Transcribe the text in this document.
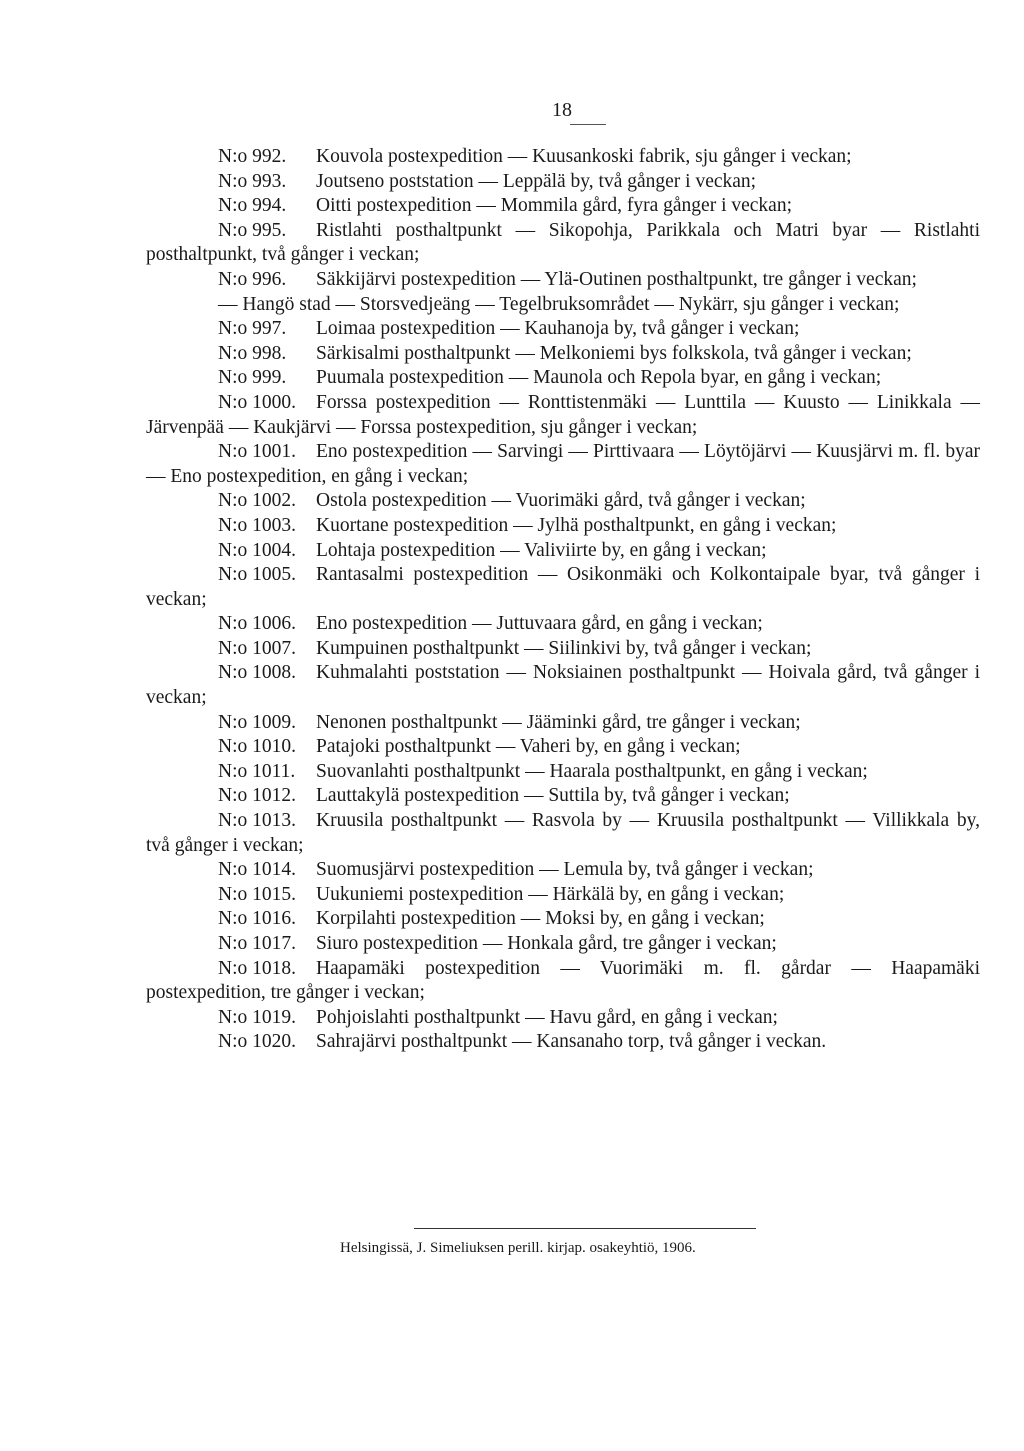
18

N:o 992. Kouvola postexpedition — Kuusankoski fabrik, sju gånger i veckan;

N:o 993. Joutseno poststation — Leppälä by, två gånger i veckan;

N:o 994. Oitti postexpedition — Mommila gård, fyra gånger i veckan;

N:o 995. Ristlahti posthaltpunkt — Sikopohja, Parikkala och Matri byar — Ristlahti posthaltpunkt, två gånger i veckan;

N:o 996. Säkkijärvi postexpedition — Ylä-Outinen posthaltpunkt, tre gånger i veckan;

— Hangö stad — Storsvedjeäng — Tegelbruksområdet — Nykärr, sju gånger i veckan;

N:o 997. Loimaa postexpedition — Kauhanoja by, två gånger i veckan;

N:o 998. Särkisalmi posthaltpunkt — Melkoniemi bys folkskola, två gånger i veckan;

N:o 999. Puumala postexpedition — Maunola och Repola byar, en gång i veckan;

N:o 1000. Forssa postexpedition — Ronttistenmäki — Lunttila — Kuusto — Linikkala — Järvenpää — Kaukjärvi — Forssa postexpedition, sju gånger i veckan;

N:o 1001. Eno postexpedition — Sarvingi — Pirttivaara — Löytöjärvi — Kuusjärvi m. fl. byar — Eno postexpedition, en gång i veckan;

N:o 1002. Ostola postexpedition — Vuorimäki gård, två gånger i veckan;

N:o 1003. Kuortane postexpedition — Jylhä posthaltpunkt, en gång i veckan;

N:o 1004. Lohtaja postexpedition — Valiviirte by, en gång i veckan;

N:o 1005. Rantasalmi postexpedition — Osikonmäki och Kolkontaipale byar, två gånger i veckan;

N:o 1006. Eno postexpedition — Juttuvaara gård, en gång i veckan;

N:o 1007. Kumpuinen posthaltpunkt — Siilinkivi by, två gånger i veckan;

N:o 1008. Kuhmalahti poststation — Noksiainen posthaltpunkt — Hoivala gård, två gånger i veckan;

N:o 1009. Nenonen posthaltpunkt — Jääminki gård, tre gånger i veckan;

N:o 1010. Patajoki posthaltpunkt — Vaheri by, en gång i veckan;

N:o 1011. Suovanlahti posthaltpunkt — Haarala posthaltpunkt, en gång i veckan;

N:o 1012. Lauttakylä postexpedition — Suttila by, två gånger i veckan;

N:o 1013. Kruusila posthaltpunkt — Rasvola by — Kruusila posthaltpunkt — Villikkala by, två gånger i veckan;

N:o 1014. Suomusjärvi postexpedition — Lemula by, två gånger i veckan;

N:o 1015. Uukuniemi postexpedition — Härkälä by, en gång i veckan;

N:o 1016. Korpilahti postexpedition — Moksi by, en gång i veckan;

N:o 1017. Siuro postexpedition — Honkala gård, tre gånger i veckan;

N:o 1018. Haapamäki postexpedition — Vuorimäki m. fl. gårdar — Haapamäki postexpedition, tre gånger i veckan;

N:o 1019. Pohjoislahti posthaltpunkt — Havu gård, en gång i veckan;

N:o 1020. Sahrajärvi posthaltpunkt — Kansanaho torp, två gånger i veckan.

Helsingissä, J. Simeliuksen perill. kirjap. osakeyhtiö, 1906.
